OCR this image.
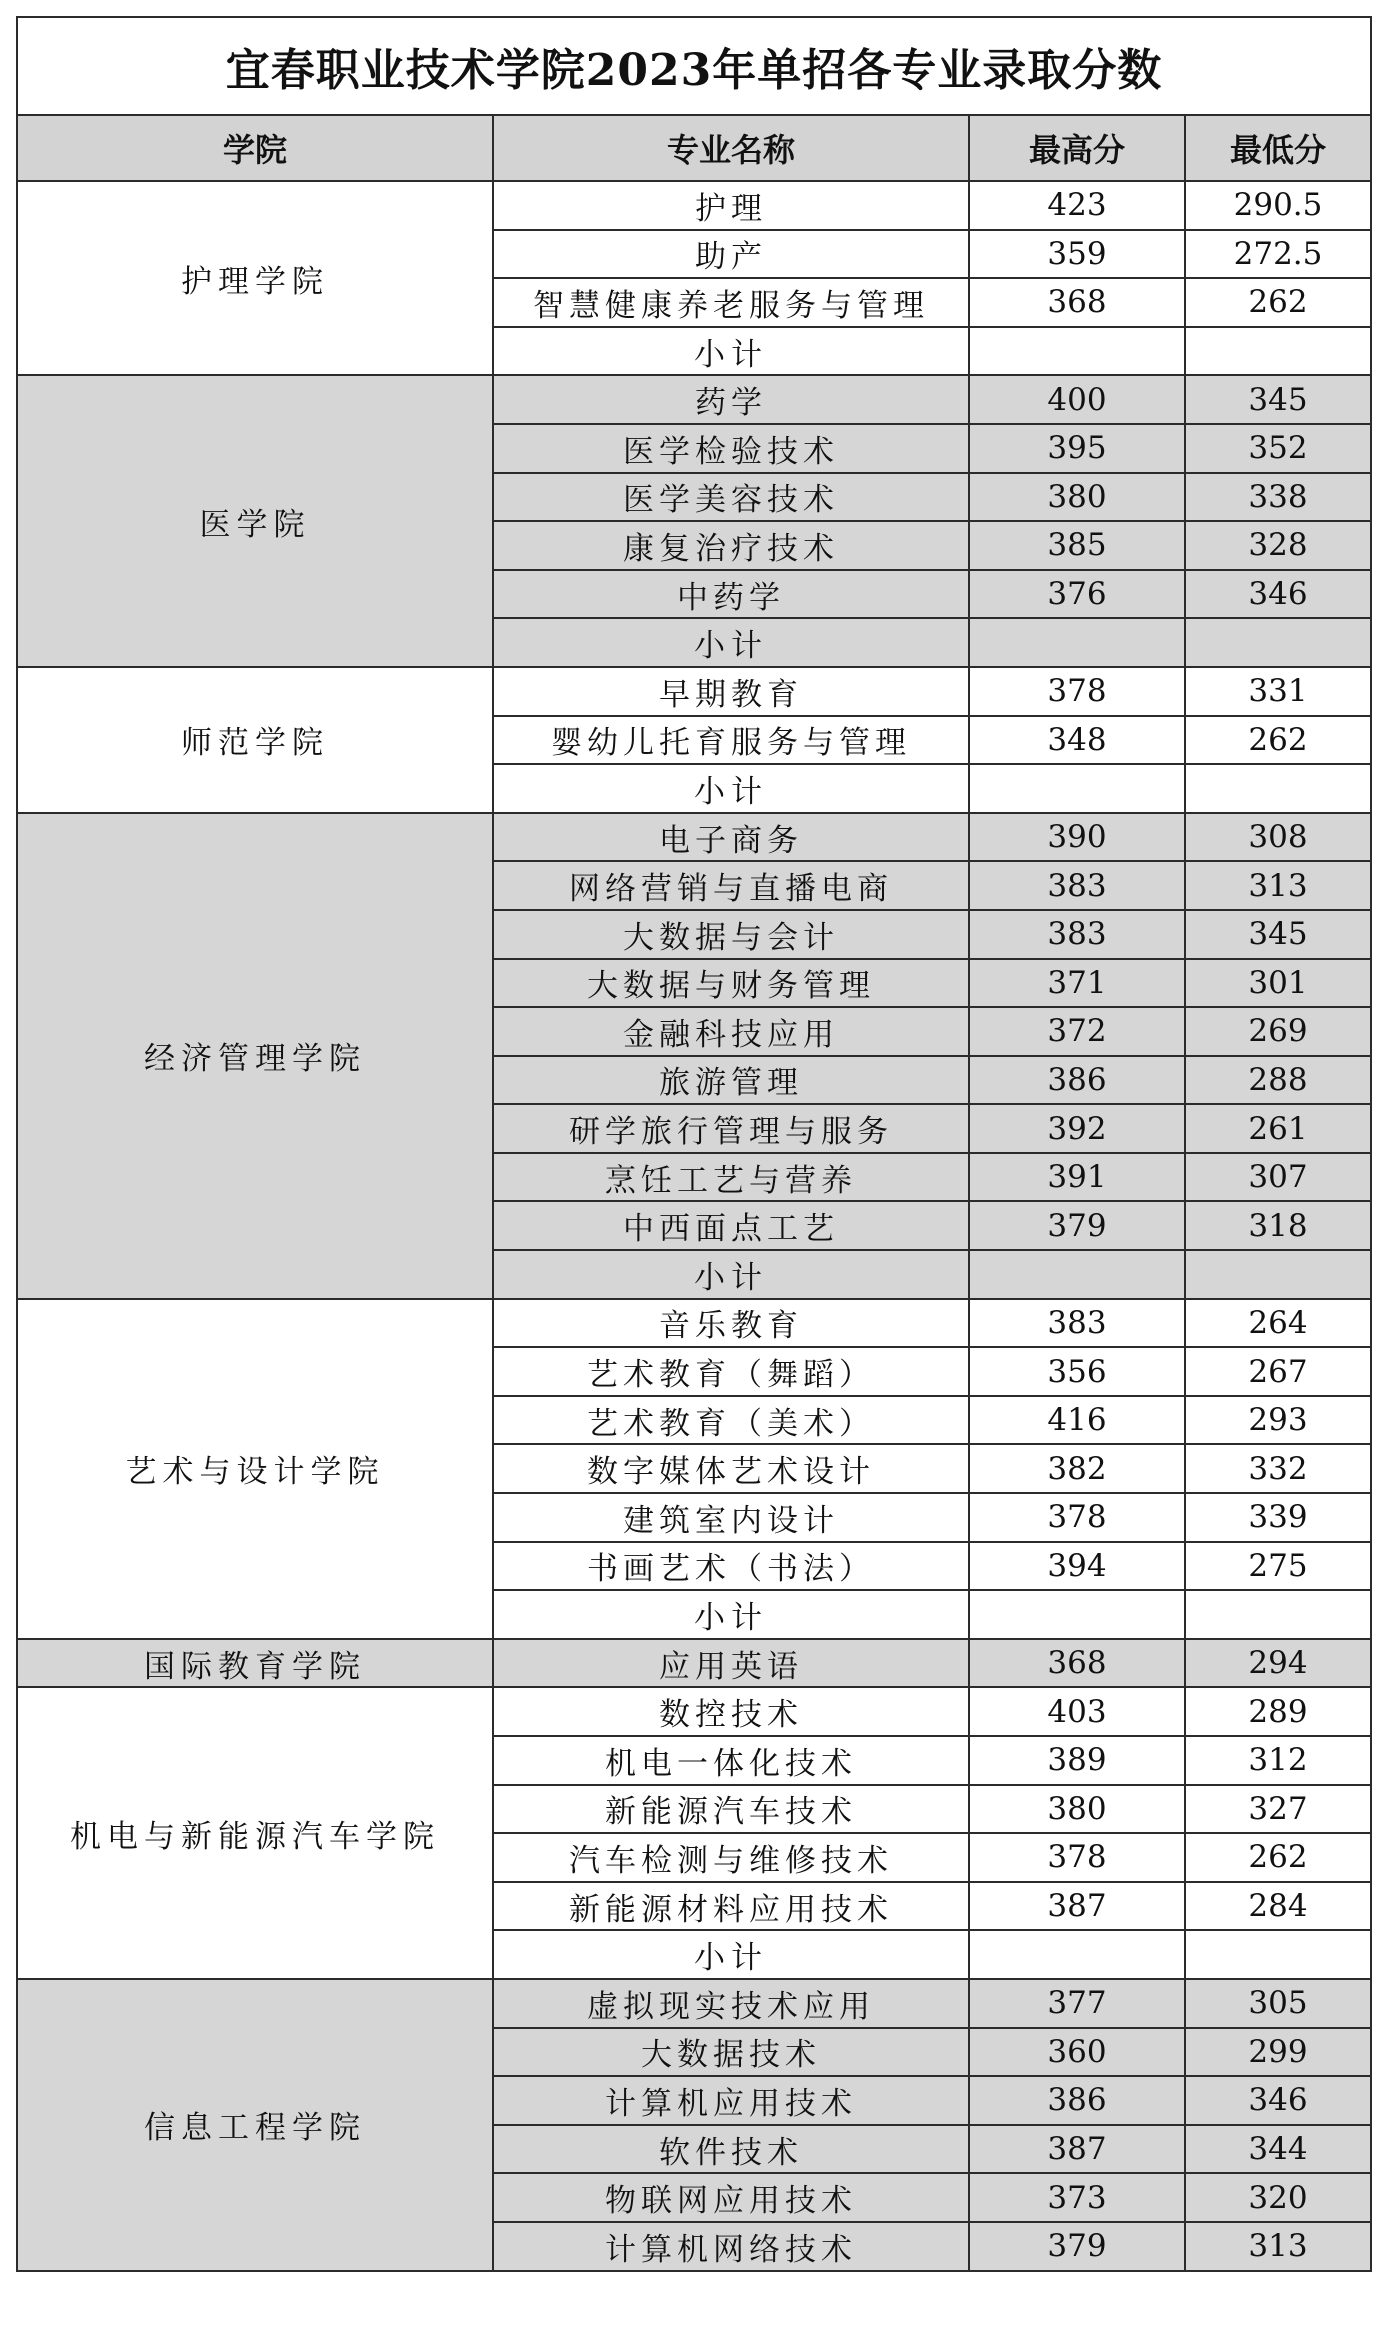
宜春职业技术学院2023年单招各专业录取分数			
学院	专业名称	最高分	最低分
护理学院	护理	423	290.5
	助产	359	272.5
	智慧健康养老服务与管理	368	262
	小计		
医学院	药学	400	345
	医学检验技术	395	352
	医学美容技术	380	338
	康复治疗技术	385	328
	中药学	376	346
	小计		
师范学院	早期教育	378	331
	婴幼儿托育服务与管理	348	262
	小计		
经济管理学院	电子商务	390	308
	网络营销与直播电商	383	313
	大数据与会计	383	345
	大数据与财务管理	371	301
	金融科技应用	372	269
	旅游管理	386	288
	研学旅行管理与服务	392	261
	烹饪工艺与营养	391	307
	中西面点工艺	379	318
	小计		
艺术与设计学院	音乐教育	383	264
	艺术教育（舞蹈）	356	267
	艺术教育（美术）	416	293
	数字媒体艺术设计	382	332
	建筑室内设计	378	339
	书画艺术（书法）	394	275
	小计		
国际教育学院	应用英语	368	294
机电与新能源汽车学院	数控技术	403	289
	机电一体化技术	389	312
	新能源汽车技术	380	327
	汽车检测与维修技术	378	262
	新能源材料应用技术	387	284
	小计		
信息工程学院	虚拟现实技术应用	377	305
	大数据技术	360	299
	计算机应用技术	386	346
	软件技术	387	344
	物联网应用技术	373	320
	计算机网络技术	379	313
